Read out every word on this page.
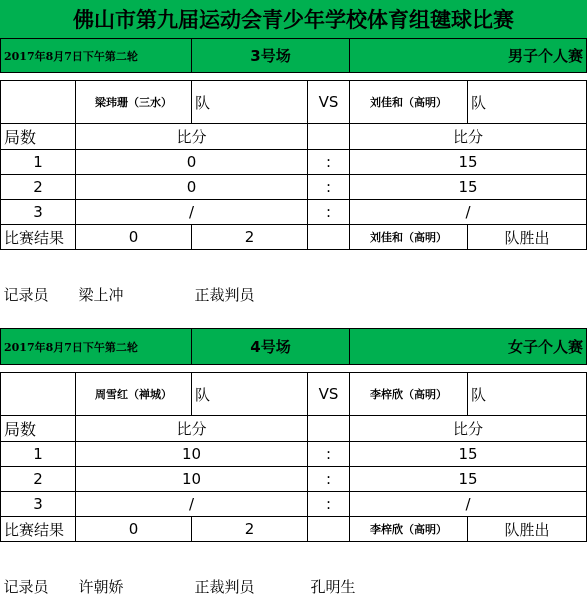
佛山市第九届运动会青少年学校体育组毽球比赛
2017年8月7日下午第二轮		3号场		男子个人赛	

	梁玮珊（三水）	队	VS	刘佳和（高明）	队
局数	比分			比分	
1	0		:	15	
2	0		:	15	
3	/		:	/	
比赛结果	0	2		刘佳和（高明）	队胜出

记录员	梁上冲	正裁判员			
2017年8月7日下午第二轮		4号场		女子个人赛	

	周雪红（禅城）	队	VS	李梓欣（高明）	队
局数	比分			比分	
1	10		:	15	
2	10		:	15	
3	/		:	/	
比赛结果	0	2		李梓欣（高明）	队胜出

记录员	许朝娇	正裁判员	孔明生		
